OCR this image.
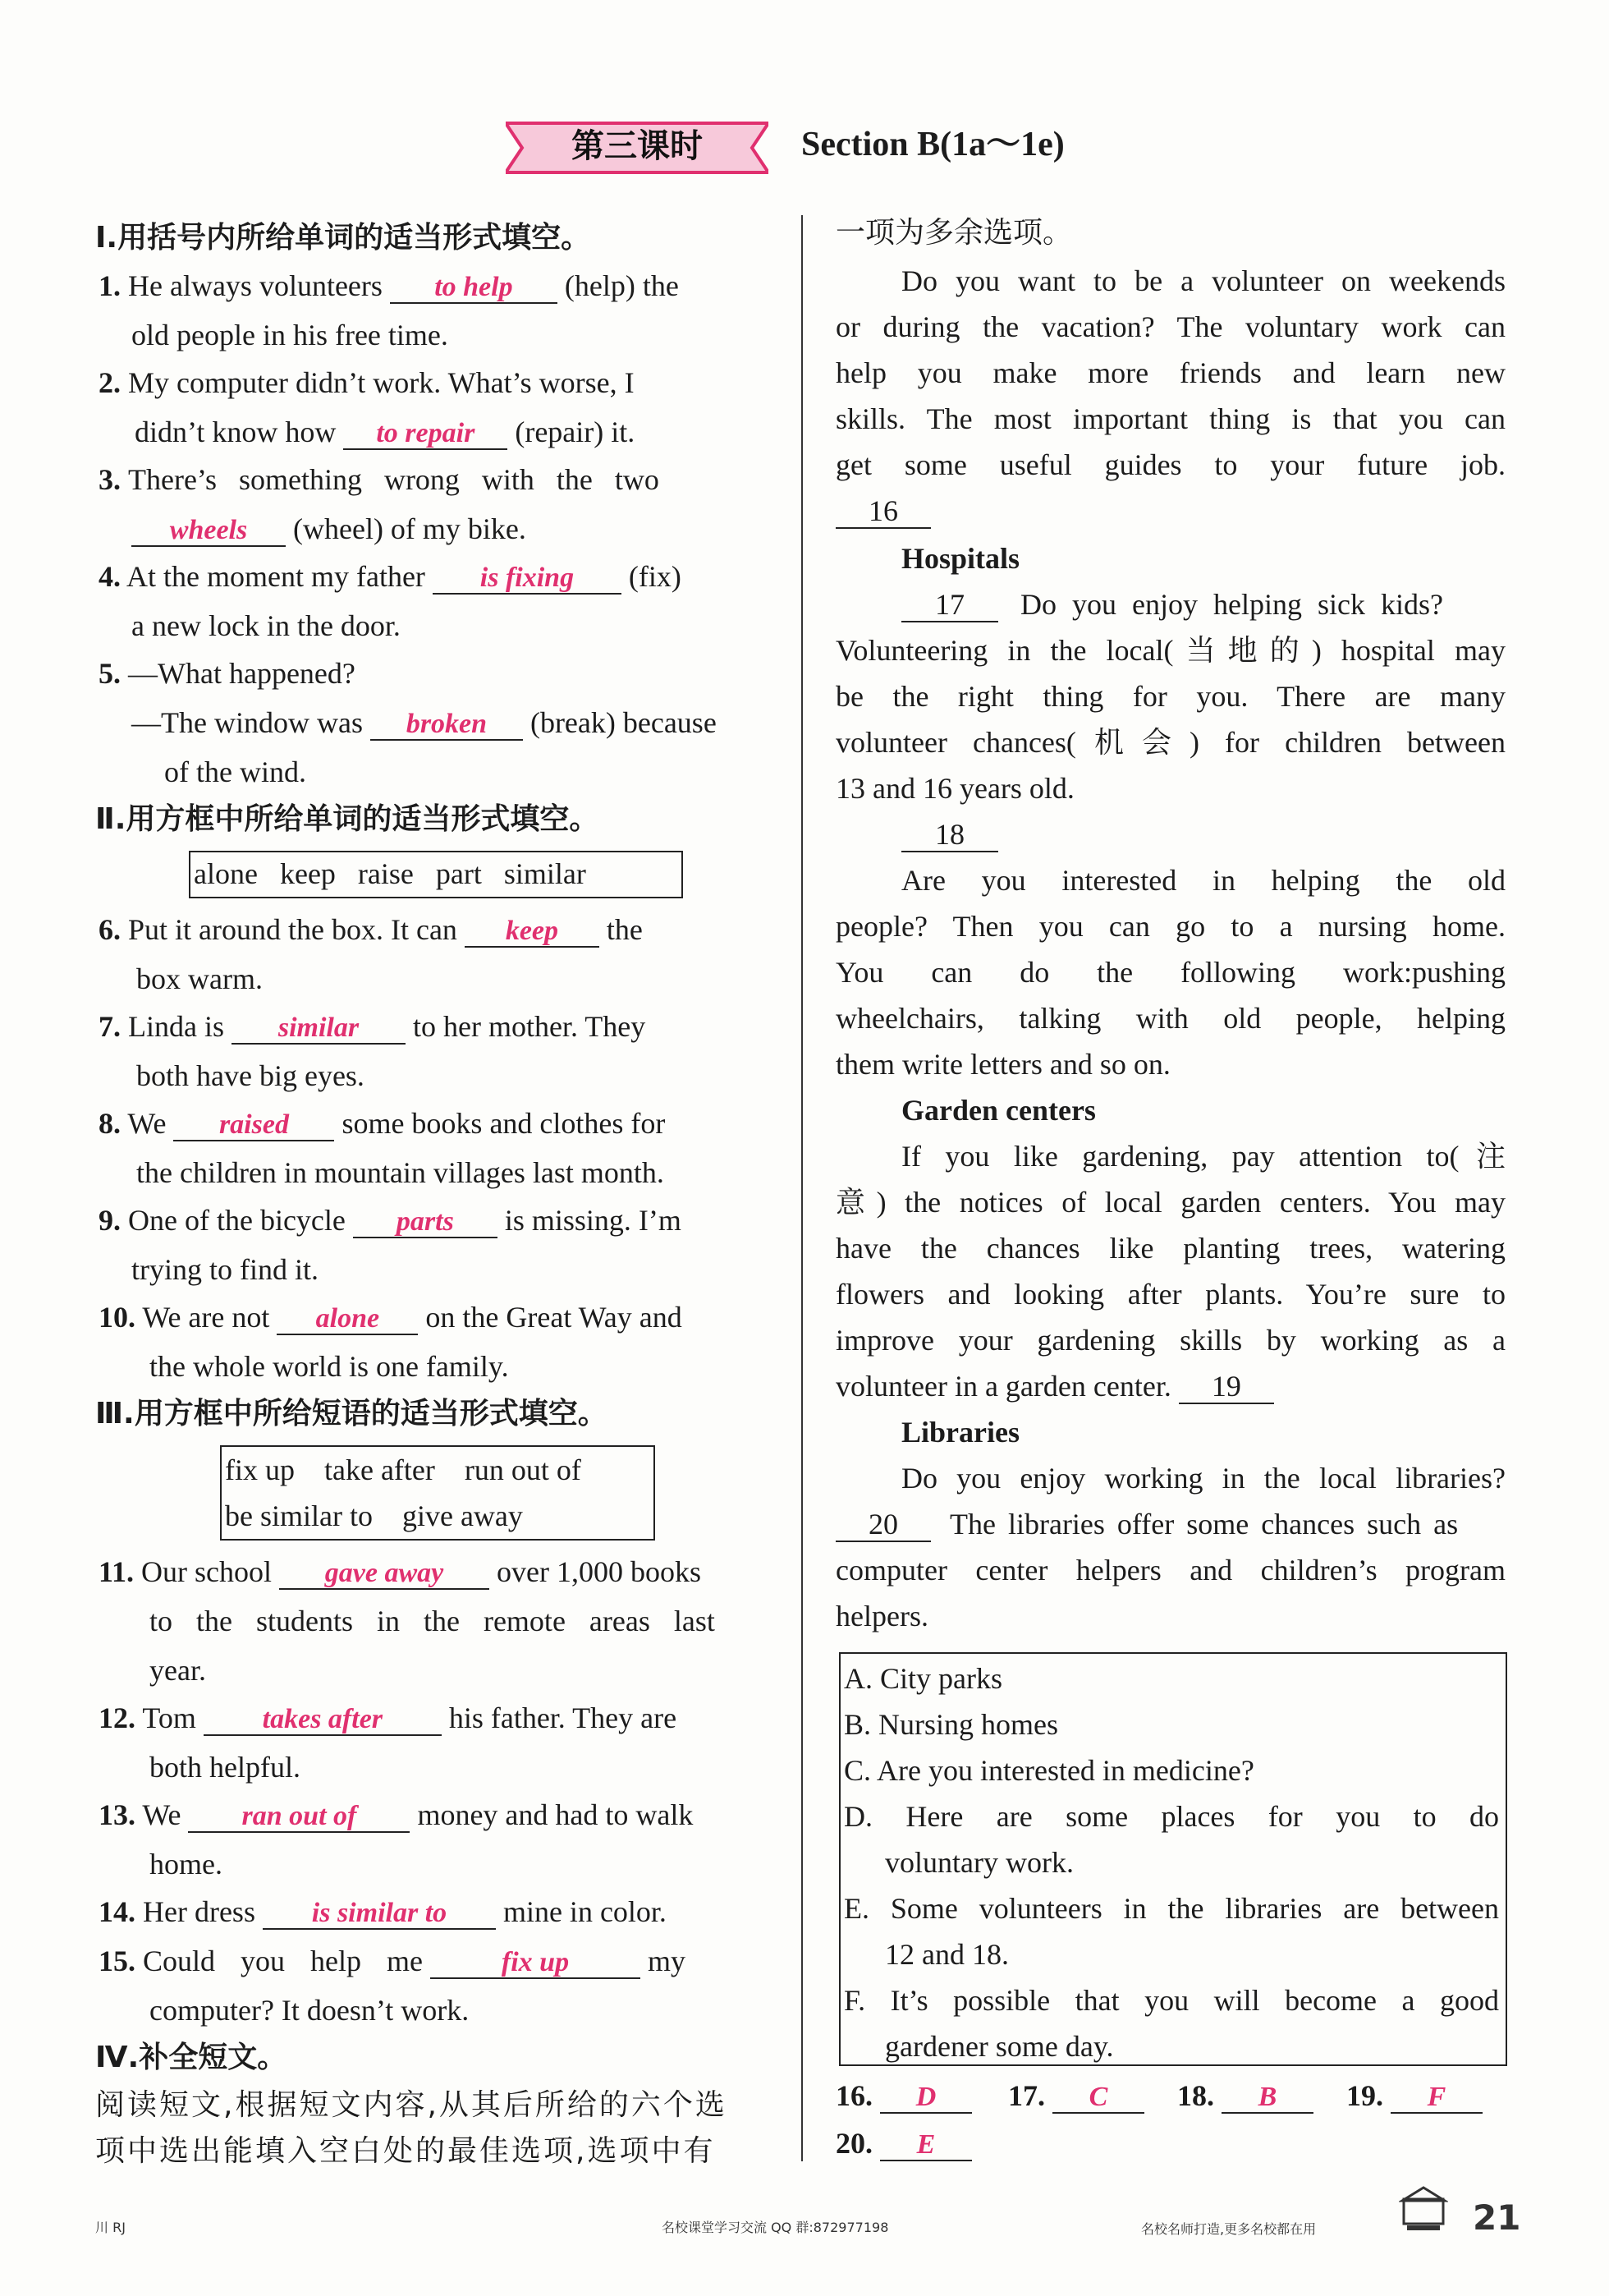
第三课时	Section B(1a～1e)
Ⅰ.用括号内所给单词的适当形式填空。
1. He always volunteers to help (help) the
old people in his free time.
2. My computer didn’t work. What’s worse, I
didn’t know how to repair (repair) it.
3. There’s something wrong with the two
wheels (wheel) of my bike.
4. At the moment my father is fixing (fix)
a new lock in the door.
5. —What happened?
—The window was broken (break) because
of the wind.
Ⅱ.用方框中所给单词的适当形式填空。
alone   keep   raise   part   similar
6. Put it around the box. It can keep the
box warm.
7. Linda is similar to her mother. They
both have big eyes.
8. We raised some books and clothes for
the children in mountain villages last month.
9. One of the bicycle parts is missing. I’m
trying to find it.
10. We are not alone on the Great Way and
the whole world is one family.
Ⅲ.用方框中所给短语的适当形式填空。
fix up    take after    run out of
be similar to    give away
11. Our school gave away over 1,000 books
to the students in the remote areas last
year.
12. Tom takes after his father. They are
both helpful.
13. We ran out of money and had to walk
home.
14. Her dress is similar to mine in color.
15. Could you help me	fix up	my
computer? It doesn’t work.
Ⅳ.补全短文。
阅读短文,根据短文内容,从其后所给的六个选
项中选出能填入空白处的最佳选项,选项中有
一项为多余选项。
Do you want to be a volunteer on weekends
or during the vacation? The voluntary work can
help you make more friends and learn new
skills. The most important thing is that you can
get some useful guides to your future job.
16
Hospitals
17 Do you enjoy helping sick kids?
Volunteering in the local(当地的) hospital may
be the right thing for you. There are many
volunteer chances(机会) for children between
13 and 16 years old.
18
Are you interested in helping the old
people? Then you can go to a nursing home.
You can do the following work:pushing
wheelchairs, talking with old people, helping
them write letters and so on.
Garden centers
If you like gardening, pay attention to(注
意) the notices of local garden centers. You may
have the chances like planting trees, watering
flowers and looking after plants. You’re sure to
improve your gardening skills by working as a
volunteer in a garden center. 19
Libraries
Do you enjoy working in the local libraries?
20 The libraries offer some chances such as
computer center helpers and children’s program
helpers.
A. City parks
B. Nursing homes
C. Are you interested in medicine?
D. Here are some places for you to do
voluntary work.
E. Some volunteers in the libraries are between
12 and 18.
F. It’s possible that you will become a good
gardener some day.
16. D	17. C	18. B	19. F
20. E
川 RJ	名校课堂学习交流 QQ 群:872977198	名校名师打造,更多名校都在用	21
